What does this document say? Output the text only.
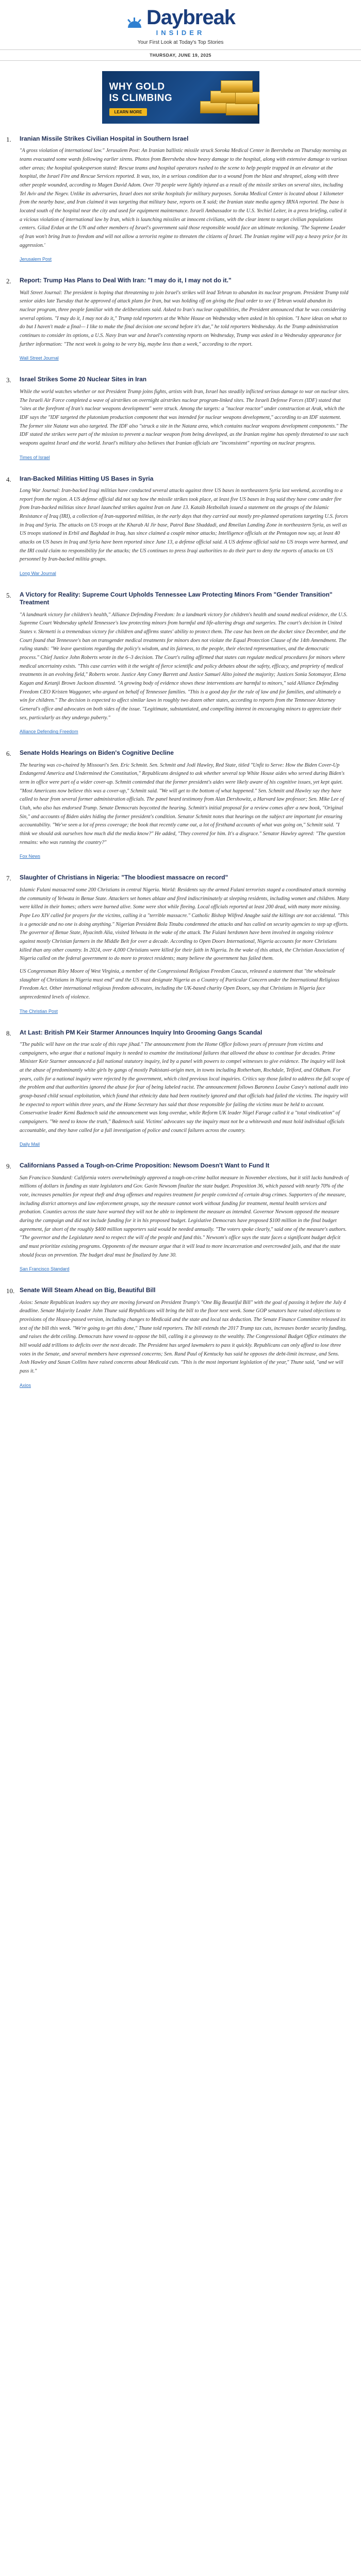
Daybreak
INSIDER
Your First Look at Today's Top Stories
THURSDAY, JUNE 19, 2025
WHY GOLD
IS CLIMBING
LEARN MORE
1.	Iranian Missile Strikes Civilian Hospital in Southern Israel

"A gross violation of international law." Jerusalem Post: An Iranian ballistic missile struck Soroka Medical Center in Beersheba on Thursday morning as teams evacuated some wards following earlier sirens. Photos from Beersheba show heavy damage to the hospital, along with extensive damage to various other areas; the hospital spokesperson stated: Rescue teams and hospital operators rushed to the scene to help people trapped in an elevator at the hospital, the Israel Fire and Rescue Services reported. It was, too, in a serious condition due to a wound from the blast and shrapnel, along with three other people wounded, according to Magen David Adom. Over 70 people were lightly injured as a result of the missile strikes on several sites, including Tel Aviv and the Negev. Unlike its adversaries, Israel does not strike hospitals for military purposes. Soroka Medical Center is located about 1 kilometer from the nearby base, and Iran claimed it was targeting that military base, reports on X said; the Iranian state media agency IRNA reported. The base is located south of the hospital near the city and used for equipment maintenance. Israeli Ambassador to the U.S. Yechiel Leiter, in a press briefing, called it a vicious violation of international law by Iran, which is launching missiles at innocent civilians, with the clear intent to target civilian populations centers. Gilad Erdan at the UN and other members of Israel's government said those responsible would face an ultimate reckoning. 'The Supreme Leader of Iran won't bring Iran to freedom and will not allow a terrorist regime to threaten the citizens of Israel. The Iranian regime will pay a heavy price for its aggression.'

Jerusalem Post
2.	Report: Trump Has Plans to Deal With Iran: "I may do it, I may not do it."

Wall Street Journal: The president is hoping that threatening to join Israel's strikes will lead Tehran to abandon its nuclear program. President Trump told senior aides late Tuesday that he approved of attack plans for Iran, but was holding off on giving the final order to see if Tehran would abandon its nuclear program, three people familiar with the deliberations said. Asked to Iran's nuclear capabilities, the President announced that he was considering several options. "I may do it, I may not do it," Trump told reporters at the White House on Wednesday when asked in his opinion. "I have ideas on what to do but I haven't made a final— I like to make the final decision one second before it's due," he told reporters Wednesday. As the Trump administration continues to consider its options, a U.S. Navy Iran war and Israel's contesting reports on Wednesday, Trump was asked in a Wednesday appearance for further information: "The next week is going to be very big, maybe less than a week," according to the report.

Wall Street Journal
3.	Israel Strikes Some 20 Nuclear Sites in Iran

While the world watches whether or not President Trump joins fights, artists with Iran, Israel has steadily inflicted serious damage to war on nuclear sites. The Israeli Air Force completed a wave of airstrikes on overnight airstrikes nuclear program-linked sites. The Israeli Defense Forces (IDF) stated that "sites at the forefront of Iran's nuclear weapons development" were struck. Among the targets: a "nuclear reactor" under construction at Arak, which the IDF says the "IDF targeted the plutonium production component that was intended for nuclear weapons development," according to an IDF statement. The former site Natanz was also targeted. The IDF also "struck a site in the Natanz area, which contains nuclear weapons development components." The IDF stated the strikes were part of the mission to prevent a nuclear weapon from being developed, as the Iranian regime has openly threatened to use such weapons against Israel and the world. Israel's military also believes that Iranian officials are "inconsistent" reporting on nuclear progress.

Times of Israel
4.	Iran-Backed Militias Hitting US Bases in Syria

Long War Journal: Iran-backed Iraqi militias have conducted several attacks against three US bases in northeastern Syria last weekend, according to a report from the region. A US defense official did not say how the missile strikes took place, at least five US bases in Iraq said they have come under fire from Iran-backed militias since Israel launched strikes against Iran on June 13. Kataib Hezbollah issued a statement on the groups of the Islamic Resistance of Iraq (IRI), a collection of Iran-supported militias, in the early days that they carried out mostly pre-planned operations targeting U.S. forces in Iraq and Syria. The attacks on US troops at the Kharab Al Jir base, Patrol Base Shaddadi, and Rmeilan Landing Zone in northeastern Syria, as well as US troops stationed in Erbil and Baghdad in Iraq, has since claimed a couple minor attacks; Intelligence officials at the Pentagon now say, at least 40 attacks on US bases in Iraq and Syria have been reported since June 13, a defense official said. A US defense official said no US troops were harmed, and the IRI could claim no responsibility for the attacks; the US continues to press Iraqi authorities to do their part to deny the reports of attacks on US personnel by Iran-backed militia groups.

Long War Journal
5.	A Victory for Reality: Supreme Court Upholds Tennessee Law Protecting Minors From "Gender Transition" Treatment

"A landmark victory for children's health," Alliance Defending Freedom: In a landmark victory for children's health and sound medical evidence, the U.S. Supreme Court Wednesday upheld Tennessee's law protecting minors from harmful and life-altering drugs and surgeries. The court's decision in United States v. Skrmetti is a tremendous victory for children and affirms states' ability to protect them. The case has been on the docket since December, and the Court found that Tennessee's ban on transgender medical treatments for minors does not violate the Equal Protection Clause of the 14th Amendment. The ruling stands: "We leave questions regarding the policy's wisdom, and its fairness, to the people, their elected representatives, and the democratic process." Chief Justice John Roberts wrote in the 6–3 decision. The Court's ruling affirmed that states can regulate medical procedures for minors where medical uncertainty exists. "This case carries with it the weight of fierce scientific and policy debates about the safety, efficacy, and propriety of medical treatments in an evolving field," Roberts wrote. Justice Amy Coney Barrett and Justice Samuel Alito joined the majority; Justices Sonia Sotomayor, Elena Kagan and Ketanji Brown Jackson dissented. "A growing body of evidence shows these interventions are harmful to minors," said Alliance Defending Freedom CEO Kristen Waggoner, who argued on behalf of Tennessee families. "This is a good day for the rule of law and for families, and ultimately a win for children." The decision is expected to affect similar laws in roughly two dozen other states, according to reports from the Tennessee Attorney General's office and advocates on both sides of the issue. "Legitimate, substantiated, and compelling interest in encouraging minors to appreciate their sex, particularly as they undergo puberty."

Alliance Defending Freedom
6.	Senate Holds Hearings on Biden's Cognitive Decline

The hearing was co-chaired by Missouri's Sen. Eric Schmitt. Sen. Schmitt and Jodi Hawley, Red State, titled "Unfit to Serve: How the Biden Cover-Up Endangered America and Undermined the Constitution," Republicans designed to ask whether several top White House aides who served during Biden's term in office were part of a wider cover-up. Schmitt contended that the former president's aides were likely aware of his cognitive issues, yet kept quiet. "Most Americans now believe this was a cover-up," Schmitt said. "We will get to the bottom of what happened." Sen. Schmitt and Hawley say they have called to hear from several former administration officials. The panel heard testimony from Alan Dershowitz, a Harvard law professor; Sen. Mike Lee of Utah, who also has endorsed Trump. Senate Democrats boycotted the hearing. Schmitt's initial proposal for a review comes after a new book, "Original Sin," and accounts of Biden aides hiding the former president's condition. Senator Schmitt notes that hearings on the subject are important for ensuring accountability. "We've seen a lot of press coverage; the book that recently came out, a lot of firsthand accounts of what was going on," Schmitt said. "I think we should ask ourselves how much did the media know?" He added, "They covered for him. It's a disgrace." Senator Hawley agreed: "The question remains: who was running the country?"

Fox News
7.	Slaughter of Christians in Nigeria: "The bloodiest massacre on record"

Islamic Fulani massacred some 200 Christians in central Nigeria. World: Residents say the armed Fulani terrorists staged a coordinated attack storming the community of Yelwata in Benue State. Attackers set homes ablaze and fired indiscriminately at sleeping residents, including women and children. Many were killed in their homes; others were burned alive. Some were shot while fleeing. Local officials reported at least 200 dead, with many more missing. Pope Leo XIV called for prayers for the victims, calling it a "terrible massacre." Catholic Bishop Wilfred Anagbe said the killings are not accidental. "This is a genocide and no one is doing anything." Nigerian President Bola Tinubu condemned the attacks and has called on security agencies to step up efforts. The governor of Benue State, Hyacinth Alia, visited Yelwata in the wake of the attack. The Fulani herdsmen have been involved in ongoing violence against mostly Christian farmers in the Middle Belt for over a decade. According to Open Doors International, Nigeria accounts for more Christians killed than any other country. In 2024, over 4,000 Christians were killed for their faith in Nigeria. In the wake of this attack, the Christian Association of Nigeria called on the federal government to do more to protect residents; many believe the government has failed them.

US Congressman Riley Moore of West Virginia, a member of the Congressional Religious Freedom Caucus, released a statement that "the wholesale slaughter of Christians in Nigeria must end" and the US must designate Nigeria as a Country of Particular Concern under the International Religious Freedom Act. Other international religious freedom advocates, including the UK-based charity Open Doors, say that Christians in Nigeria face unprecedented levels of violence.

The Christian Post
8.	At Last: British PM Keir Starmer Announces Inquiry Into Grooming Gangs Scandal

"The public will have on the true scale of this rape jihad." The announcement from the Home Office follows years of pressure from victims and campaigners, who argue that a national inquiry is needed to examine the institutional failures that allowed the abuse to continue for decades. Prime Minister Keir Starmer announced a full national statutory inquiry, led by a panel with powers to compel witnesses to give evidence. The inquiry will look at the abuse of predominantly white girls by gangs of mostly Pakistani-origin men, in towns including Rotherham, Rochdale, Telford, and Oldham. For years, calls for a national inquiry were rejected by the government, which cited previous local inquiries. Critics say those failed to address the full scope of the problem and that authorities ignored the abuse for fear of being labeled racist. The announcement follows Baroness Louise Casey's national audit into group-based child sexual exploitation, which found that ethnicity data had been routinely ignored and that officials had failed the victims. The inquiry will be expected to report within three years, and the Home Secretary has said that those responsible for failing the victims must be held to account. Conservative leader Kemi Badenoch said the announcement was long overdue, while Reform UK leader Nigel Farage called it a "total vindication" of campaigners. "We need to know the truth," Badenoch said. Victims' advocates say the inquiry must not be a whitewash and must hold individual officials accountable, and they have called for a full investigation of police and council failures across the country.

Daily Mail
9.	Californians Passed a Tough-on-Crime Proposition: Newsom Doesn't Want to Fund It

San Francisco Standard: California voters overwhelmingly approved a tough-on-crime ballot measure in November elections, but it still lacks hundreds of millions of dollars in funding as state legislators and Gov. Gavin Newsom finalize the state budget. Proposition 36, which passed with nearly 70% of the vote, increases penalties for repeat theft and drug offenses and requires treatment for people convicted of certain drug crimes. Supporters of the measure, including district attorneys and law enforcement groups, say the measure cannot work without funding for treatment, mental health services and probation. Counties across the state have warned they will not be able to implement the measure as intended. Governor Newsom opposed the measure during the campaign and did not include funding for it in his proposed budget. Legislative Democrats have proposed $100 million in the final budget agreement, far short of the roughly $400 million supporters said would be needed annually. "The voters spoke clearly," said one of the measure's authors. "The governor and the Legislature need to respect the will of the people and fund this." Newsom's office says the state faces a significant budget deficit and must prioritize existing programs. Opponents of the measure argue that it will lead to more incarceration and overcrowded jails, and that the state should focus on prevention. The budget deal must be finalized by June 30.

San Francisco Standard
10. Senate Will Steam Ahead on Big, Beautiful Bill

Axios: Senate Republican leaders say they are moving forward on President Trump's "One Big Beautiful Bill" with the goal of passing it before the July 4 deadline. Senate Majority Leader John Thune said Republicans will bring the bill to the floor next week. Some GOP senators have raised objections to provisions of the House-passed version, including changes to Medicaid and the state and local tax deduction. The Senate Finance Committee released its text of the bill this week. "We're going to get this done," Thune told reporters. The bill extends the 2017 Trump tax cuts, increases border security funding, and raises the debt ceiling. Democrats have vowed to oppose the bill, calling it a giveaway to the wealthy. The Congressional Budget Office estimates the bill would add trillions to deficits over the next decade. The President has urged lawmakers to pass it quickly. Republicans can only afford to lose three votes in the Senate, and several members have expressed concerns; Sen. Rand Paul of Kentucky has said he opposes the debt-limit increase, and Sens. Josh Hawley and Susan Collins have raised concerns about Medicaid cuts. "This is the most important legislation of the year," Thune said, "and we will pass it."

Axios
